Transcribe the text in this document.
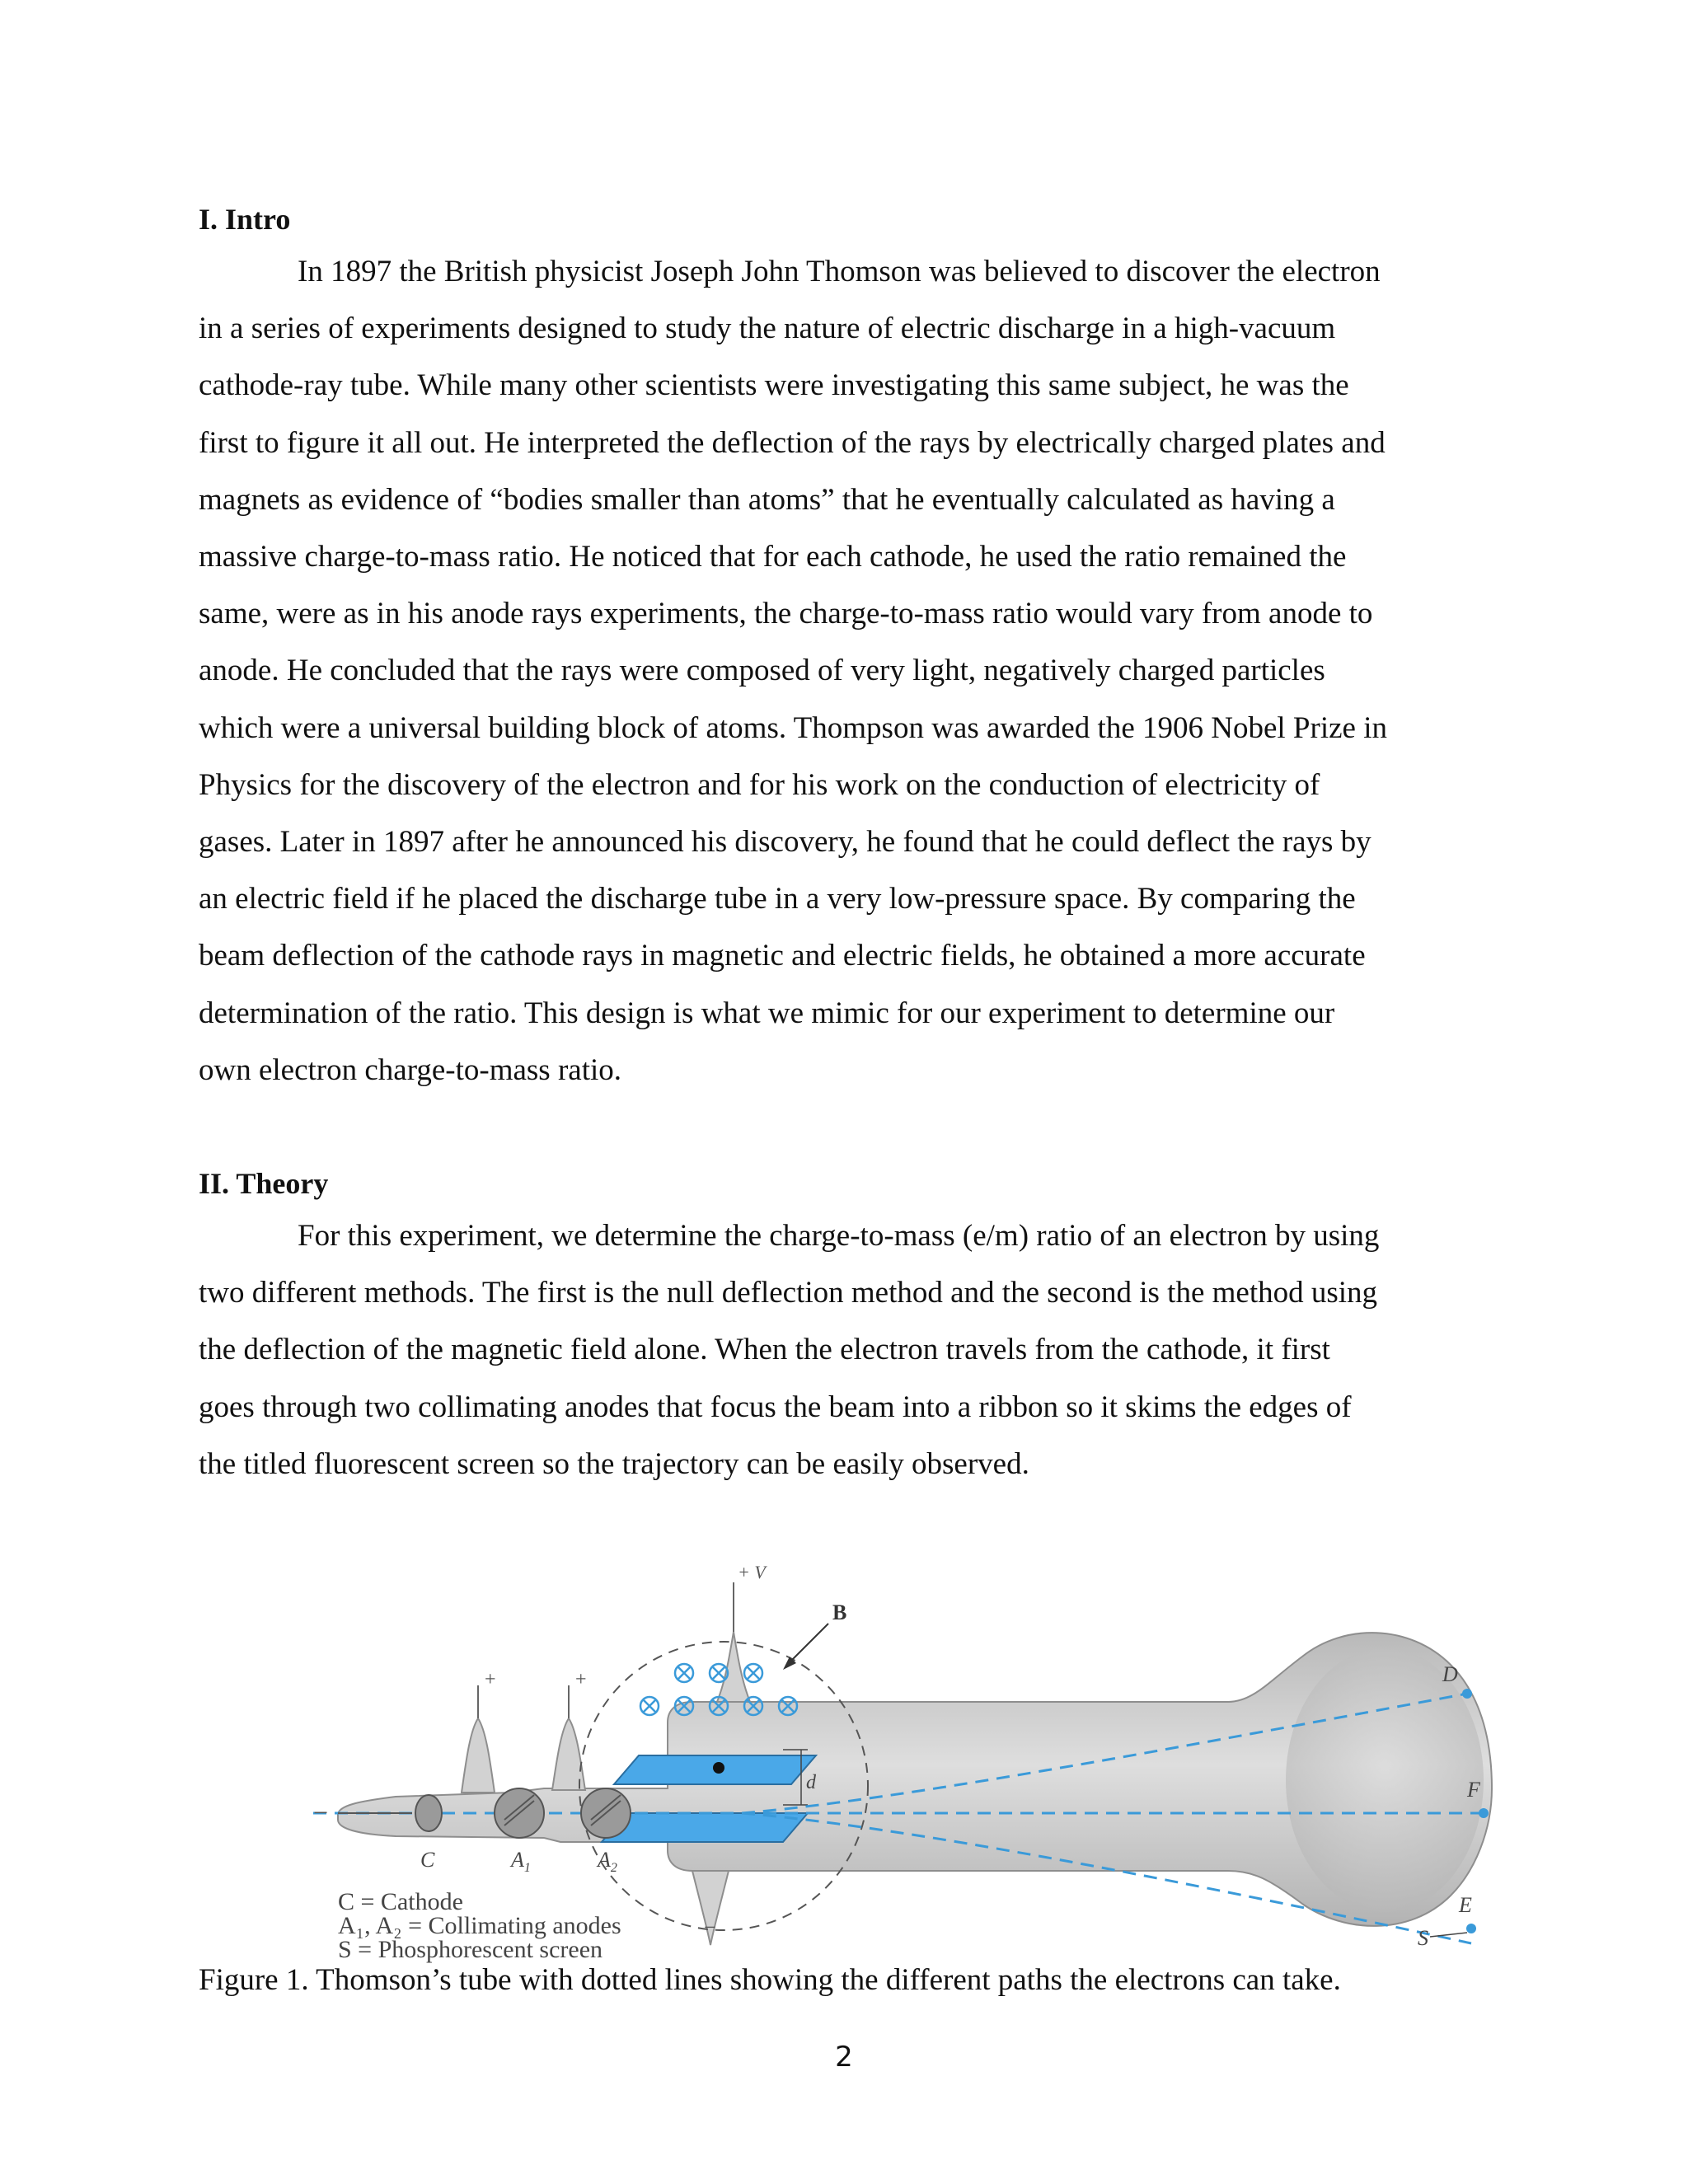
I. Intro
In 1897 the British physicist Joseph John Thomson was believed to discover the electron
in a series of experiments designed to study the nature of electric discharge in a high-vacuum
cathode-ray tube. While many other scientists were investigating this same subject, he was the
first to figure it all out. He interpreted the deflection of the rays by electrically charged plates and
magnets as evidence of “bodies smaller than atoms” that he eventually calculated as having a
massive charge-to-mass ratio. He noticed that for each cathode, he used the ratio remained the
same, were as in his anode rays experiments, the charge-to-mass ratio would vary from anode to
anode. He concluded that the rays were composed of very light, negatively charged particles
which were a universal building block of atoms. Thompson was awarded the 1906 Nobel Prize in
Physics for the discovery of the electron and for his work on the conduction of electricity of
gases. Later in 1897 after he announced his discovery, he found that he could deflect the rays by
an electric field if he placed the discharge tube in a very low-pressure space. By comparing the
beam deflection of the cathode rays in magnetic and electric fields, he obtained a more accurate
determination of the ratio. This design is what we mimic for our experiment to determine our
own electron charge-to-mass ratio.
II. Theory
For this experiment, we determine the charge-to-mass (e/m) ratio of an electron by using
two different methods. The first is the null deflection method and the second is the method using
the deflection of the magnetic field alone. When the electron travels from the cathode, it first
goes through two collimating anodes that focus the beam into a ribbon so it skims the edges of
the titled fluorescent screen so the trajectory can be easily observed.
+	+
+ V
−
B
d
D
F
E
S
−
C	$A_1$	$A_2$
C = Cathode
A₁, A₂ = Collimating anodes
S = Phosphorescent screen
Figure 1. Thomson’s tube with dotted lines showing the different paths the electrons can take.
2
